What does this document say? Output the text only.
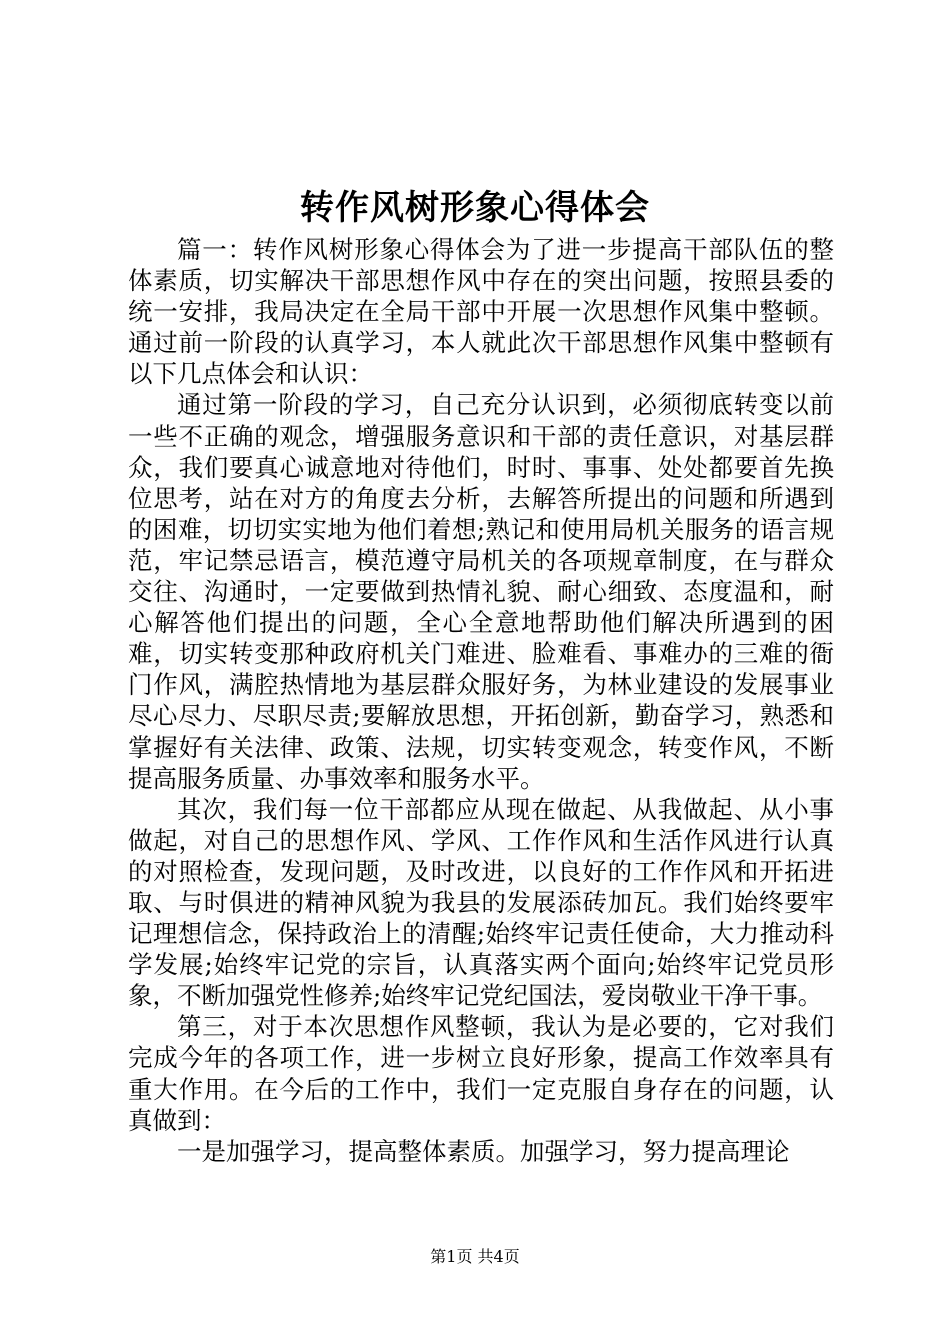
转作风树形象心得体会

篇一：转作风树形象心得体会为了进一步提高干部队伍的整体素质，切实解决干部思想作风中存在的突出问题，按照县委的统一安排，我局决定在全局干部中开展一次思想作风集中整顿。通过前一阶段的认真学习，本人就此次干部思想作风集中整顿有以下几点体会和认识：

通过第一阶段的学习，自己充分认识到，必须彻底转变以前一些不正确的观念，增强服务意识和干部的责任意识，对基层群众，我们要真心诚意地对待他们，时时、事事、处处都要首先换位思考，站在对方的角度去分析，去解答所提出的问题和所遇到的困难，切切实实地为他们着想;熟记和使用局机关服务的语言规范，牢记禁忌语言，模范遵守局机关的各项规章制度，在与群众交往、沟通时，一定要做到热情礼貌、耐心细致、态度温和，耐心解答他们提出的问题，全心全意地帮助他们解决所遇到的困难，切实转变那种政府机关门难进、脸难看、事难办的三难的衙门作风，满腔热情地为基层群众服好务，为林业建设的发展事业尽心尽力、尽职尽责;要解放思想，开拓创新，勤奋学习，熟悉和掌握好有关法律、政策、法规，切实转变观念，转变作风，不断提高服务质量、办事效率和服务水平。

其次，我们每一位干部都应从现在做起、从我做起、从小事做起，对自己的思想作风、学风、工作作风和生活作风进行认真的对照检查，发现问题，及时改进，以良好的工作作风和开拓进取、与时俱进的精神风貌为我县的发展添砖加瓦。我们始终要牢记理想信念，保持政治上的清醒;始终牢记责任使命，大力推动科学发展;始终牢记党的宗旨，认真落实两个面向;始终牢记党员形象，不断加强党性修养;始终牢记党纪国法，爱岗敬业干净干事。

第三，对于本次思想作风整顿，我认为是必要的，它对我们完成今年的各项工作，进一步树立良好形象，提高工作效率具有重大作用。在今后的工作中，我们一定克服自身存在的问题，认真做到：

一是加强学习，提高整体素质。加强学习，努力提高理论

第1页 共4页
